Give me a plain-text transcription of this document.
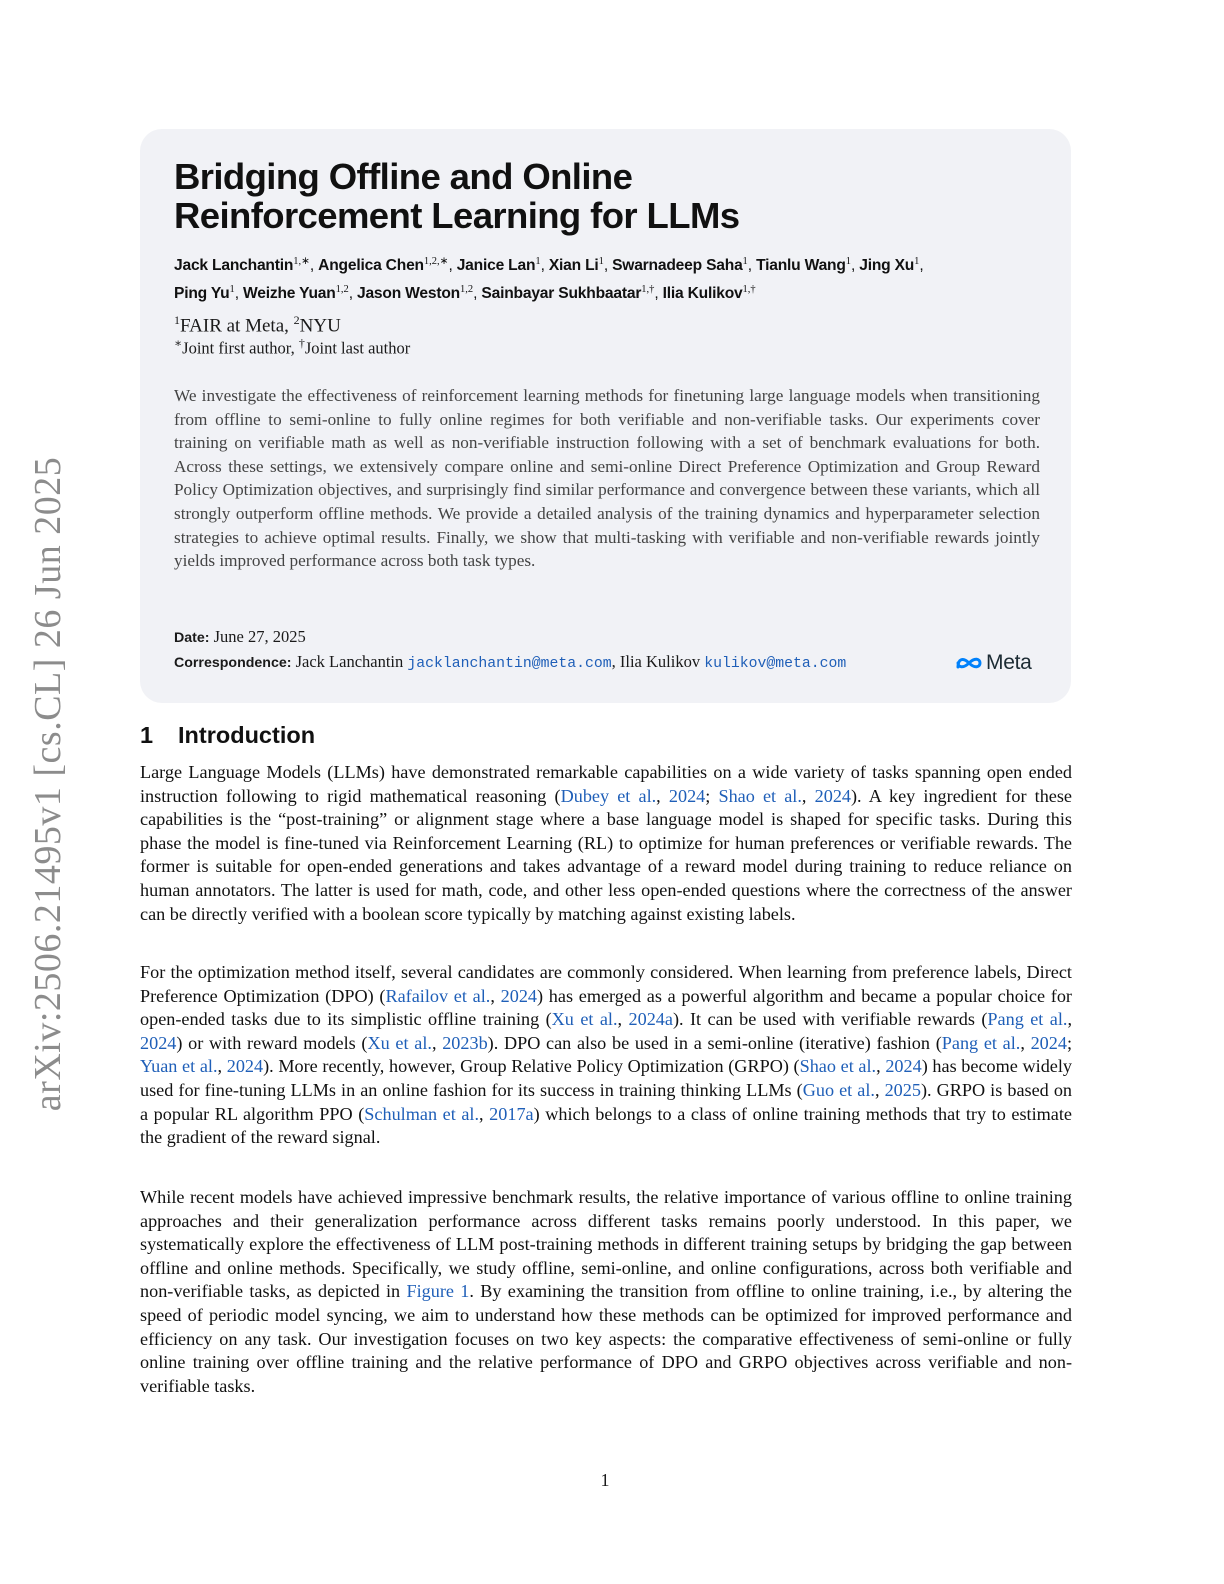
arXiv:2506.21495v1 [cs.CL] 26 Jun 2025
Bridging Offline and Online
Reinforcement Learning for LLMs
Jack Lanchantin$^{1,∗}$, Angelica Chen$^{1,2,∗}$, Janice Lan$^1$, Xian Li$^1$, Swarnadeep Saha$^1$, Tianlu Wang$^1$, Jing Xu$^1$,
Ping Yu$^1$, Weizhe Yuan$^{1,2}$, Jason Weston$^{1,2}$, Sainbayar Sukhbaatar$^{1,\dagger}$, Ilia Kulikov$^{1,\dagger}$
$^1$FAIR at Meta, $^2$NYU
∗Joint first author, †Joint last author
We investigate the effectiveness of reinforcement learning methods for finetuning large language models when transitioning from offline to semi-online to fully online regimes for both verifiable and non-verifiable tasks. Our experiments cover training on verifiable math as well as non-verifiable instruction following with a set of benchmark evaluations for both. Across these settings, we extensively compare online and semi-online Direct Preference Optimization and Group Reward Policy Optimization objectives, and surprisingly find similar performance and convergence between these variants, which all strongly outperform offline methods. We provide a detailed analysis of the training dynamics and hyperparameter selection strategies to achieve optimal results. Finally, we show that multi-tasking with verifiable and non-verifiable rewards jointly yields improved performance across both task types.
Date: June 27, 2025
Correspondence: Jack Lanchantin jacklanchantin@meta.com, Ilia Kulikov kulikov@meta.com	Meta
1 Introduction
Large Language Models (LLMs) have demonstrated remarkable capabilities on a wide variety of tasks spanning open ended instruction following to rigid mathematical reasoning (Dubey et al., 2024; Shao et al., 2024). A key ingredient for these capabilities is the “post-training” or alignment stage where a base language model is shaped for specific tasks. During this phase the model is fine-tuned via Reinforcement Learning (RL) to optimize for human preferences or verifiable rewards. The former is suitable for open-ended generations and takes advantage of a reward model during training to reduce reliance on human annotators. The latter is used for math, code, and other less open-ended questions where the correctness of the answer can be directly verified with a boolean score typically by matching against existing labels.
For the optimization method itself, several candidates are commonly considered. When learning from preference labels, Direct Preference Optimization (DPO) (Rafailov et al., 2024) has emerged as a powerful algorithm and became a popular choice for open-ended tasks due to its simplistic offline training (Xu et al., 2024a). It can be used with verifiable rewards (Pang et al., 2024) or with reward models (Xu et al., 2023b). DPO can also be used in a semi-online (iterative) fashion (Pang et al., 2024; Yuan et al., 2024). More recently, however, Group Relative Policy Optimization (GRPO) (Shao et al., 2024) has become widely used for fine-tuning LLMs in an online fashion for its success in training thinking LLMs (Guo et al., 2025). GRPO is based on a popular RL algorithm PPO (Schulman et al., 2017a) which belongs to a class of online training methods that try to estimate the gradient of the reward signal.
While recent models have achieved impressive benchmark results, the relative importance of various offline to online training approaches and their generalization performance across different tasks remains poorly understood. In this paper, we systematically explore the effectiveness of LLM post-training methods in different training setups by bridging the gap between offline and online methods. Specifically, we study offline, semi-online, and online configurations, across both verifiable and non-verifiable tasks, as depicted in Figure 1. By examining the transition from offline to online training, i.e., by altering the speed of periodic model syncing, we aim to understand how these methods can be optimized for improved performance and efficiency on any task. Our investigation focuses on two key aspects: the comparative effectiveness of semi-online or fully online training over offline training and the relative performance of DPO and GRPO objectives across verifiable and non-verifiable tasks.
1
